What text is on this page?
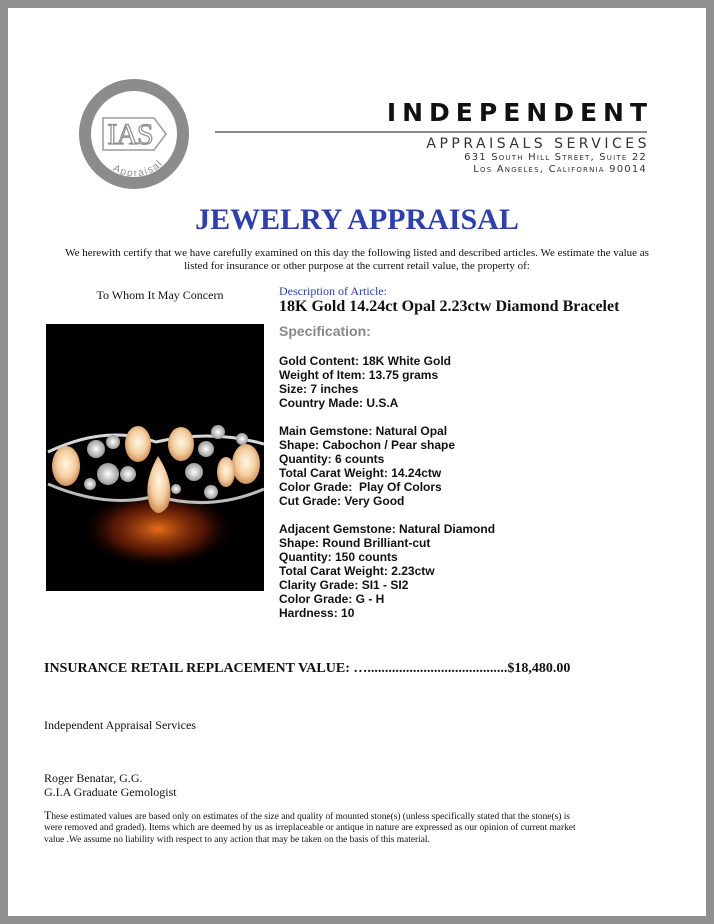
IAS
Appraisal
INDEPENDENT
APPRAISALS SERVICES
631 South Hill Street, Suite 22
Los Angeles, California 90014
JEWELRY APPRAISAL
We herewith certify that we have carefully examined on this day the following listed and described articles. We estimate the value as listed for insurance or other purpose at the current retail value, the property of:
To Whom It May Concern	Description of Article:
18K Gold 14.24ct Opal 2.23ctw Diamond Bracelet
Specification:
Gold Content: 18K White Gold
Weight of Item: 13.75 grams
Size: 7 inches
Country Made: U.S.A
Main Gemstone: Natural Opal
Shape: Cabochon / Pear shape
Quantity: 6 counts
Total Carat Weight: 14.24ctw
Color Grade:  Play Of Colors
Cut Grade: Very Good
Adjacent Gemstone: Natural Diamond
Shape: Round Brilliant-cut
Quantity: 150 counts
Total Carat Weight: 2.23ctw
Clarity Grade: SI1 - SI2
Color Grade: G - H
Hardness: 10
INSURANCE RETAIL REPLACEMENT VALUE: …........................................$18,480.00
Independent Appraisal Services
Roger Benatar, G.G.
G.I.A Graduate Gemologist
These estimated values are based only on estimates of the size and quality of mounted stone(s) (unless specifically stated that the stone(s) is were removed and graded). Items which are deemed by us as irreplaceable or antique in nature are expressed as our opinion of current market value .We assume no liability with respect to any action that may be taken on the basis of this material.
